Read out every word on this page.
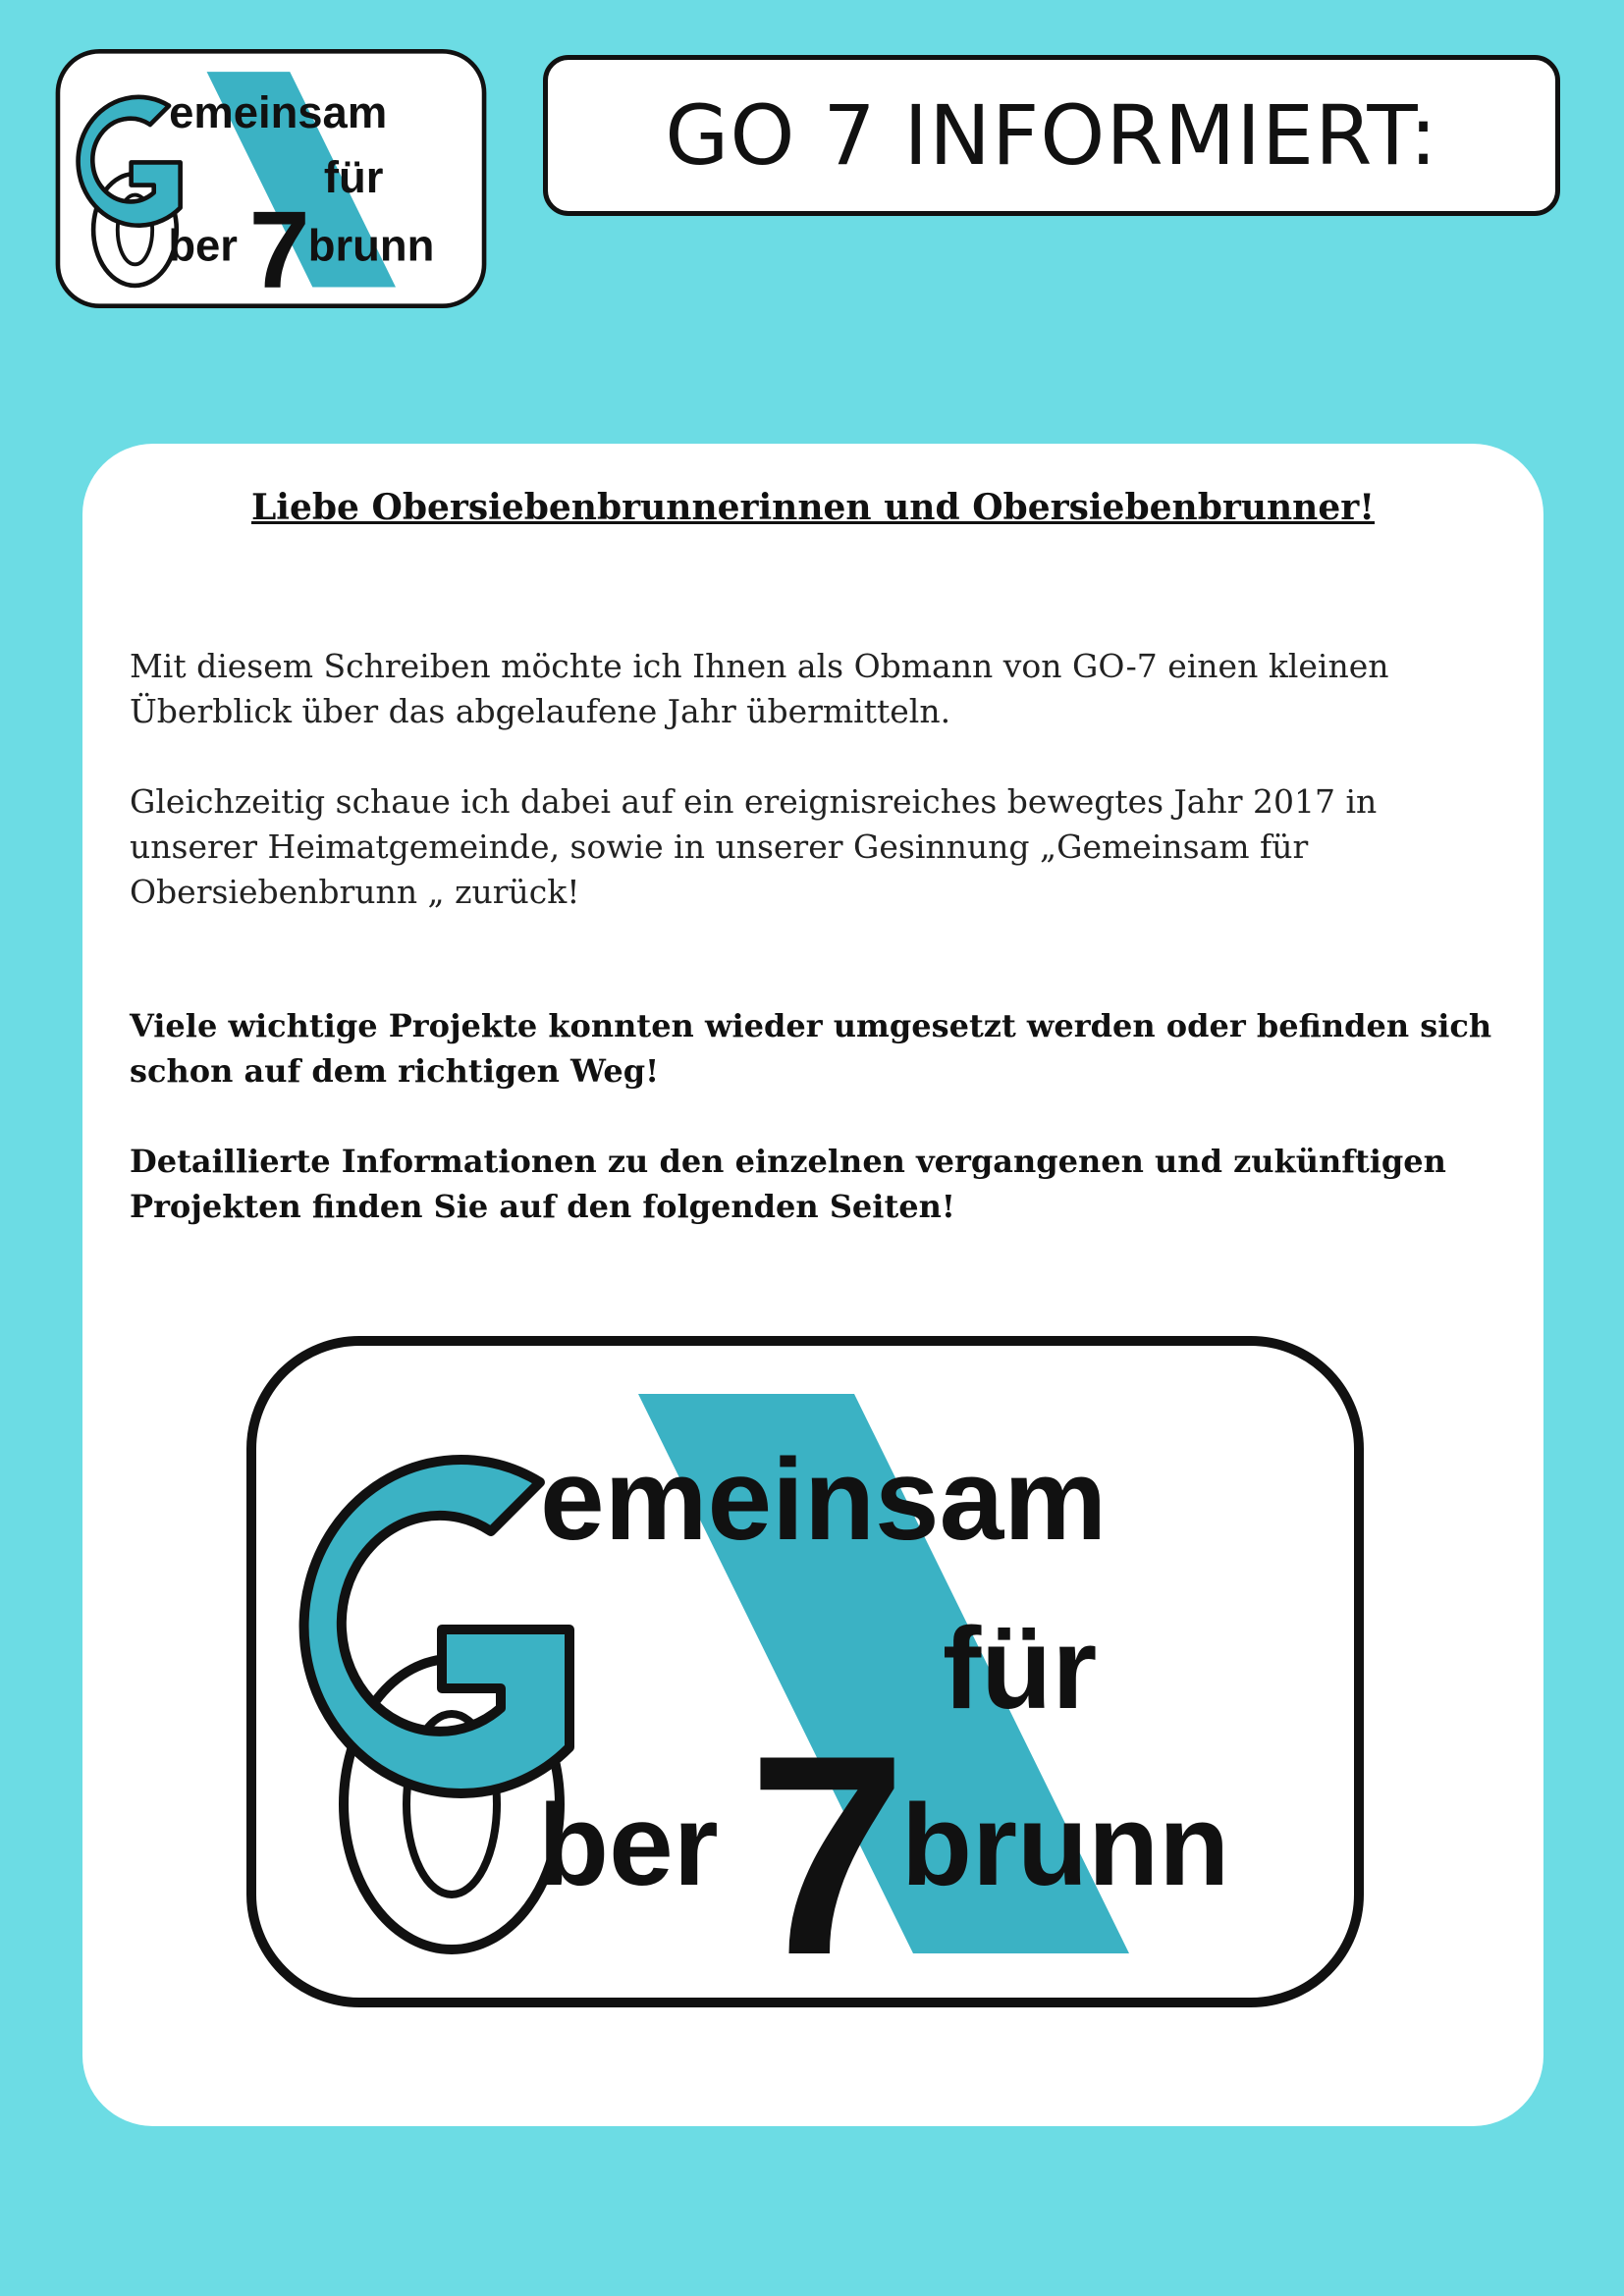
emeinsam
für
ber 7
brunn
GO 7 INFORMIERT:
Liebe Obersiebenbrunnerinnen und Obersiebenbrunner!

Mit diesem Schreiben möchte ich Ihnen als Obmann von GO-7 einen kleinen Überblick über das abgelaufene Jahr übermitteln.

Gleichzeitig schaue ich dabei auf ein ereignisreiches bewegtes Jahr 2017 in unserer Heimatgemeinde, sowie in unserer Gesinnung „Gemeinsam für Obersiebenbrunn „ zurück!

Viele wichtige Projekte konnten wieder umgesetzt werden oder befinden sich schon auf dem richtigen Weg!

Detaillierte Informationen zu den einzelnen vergangenen und zukünftigen Projekten finden Sie auf den folgenden Seiten!

emeinsam
für
ber 7
brunn
